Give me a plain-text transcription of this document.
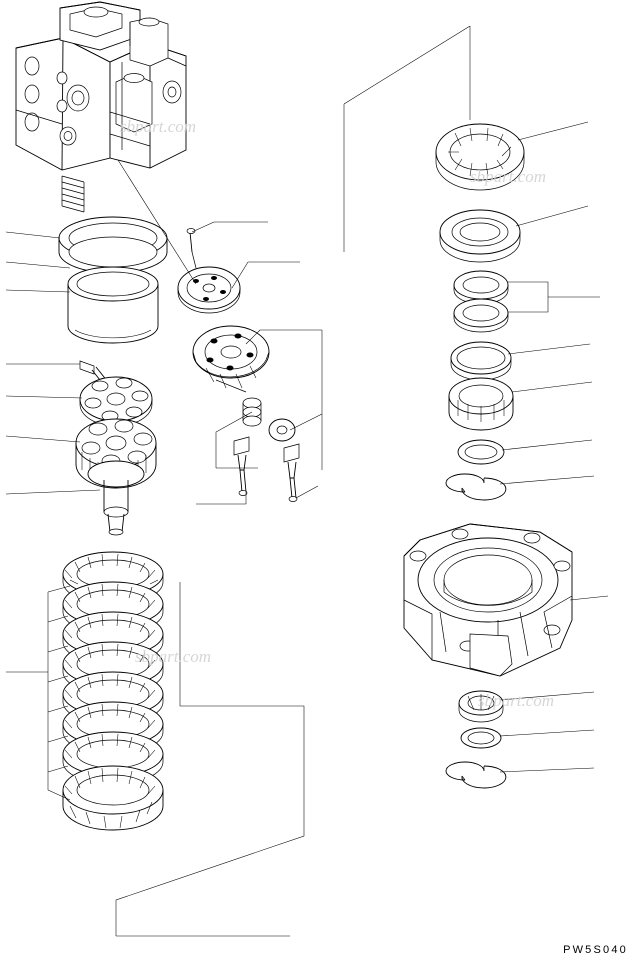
sbpart.com
sbpart.com
sbpart.com
sbpart.com
PW5S040
